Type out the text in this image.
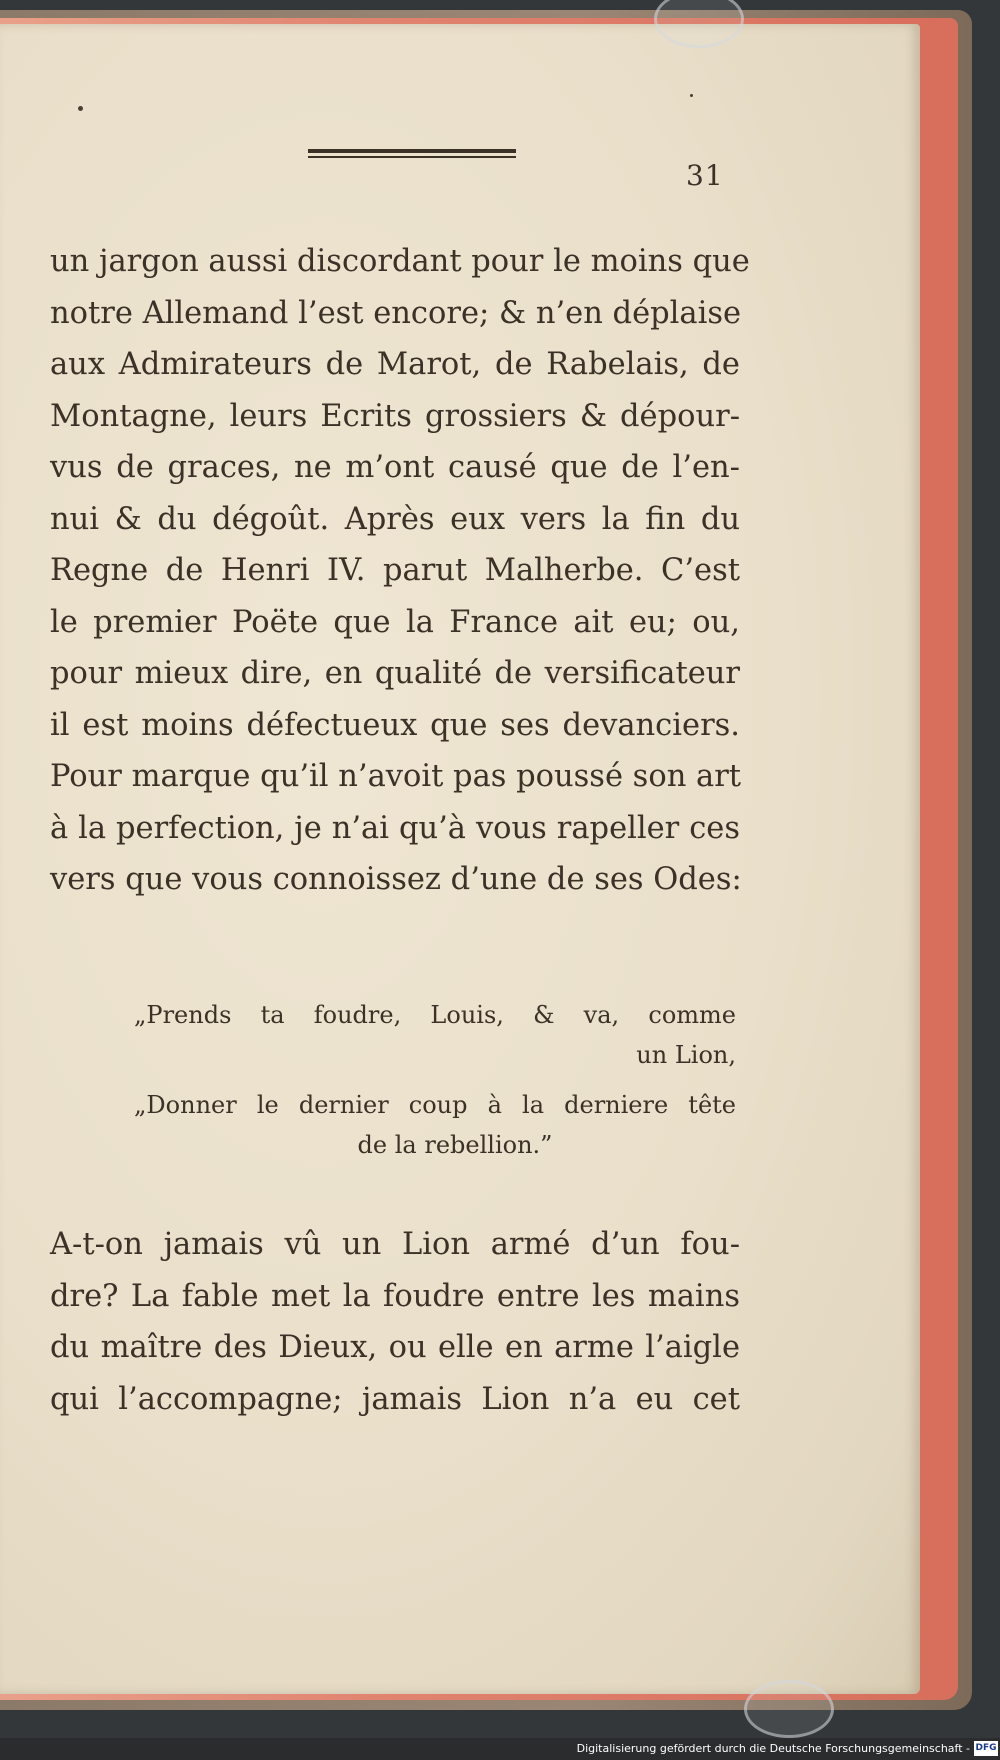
31
un jargon aussi discordant pour le moins que
notre Allemand l’est encore; & n’en déplaise
aux Admirateurs de Marot, de Rabelais, de
Montagne, leurs Ecrits grossiers & dépour-
vus de graces, ne m’ont causé que de l’en-
nui & du dégoût. Après eux vers la fin du
Regne de Henri IV. parut Malherbe. C’est
le premier Poëte que la France ait eu; ou,
pour mieux dire, en qualité de versificateur
il est moins défectueux que ses devanciers.
Pour marque qu’il n’avoit pas poussé son art
à la perfection, je n’ai qu’à vous rapeller ces
vers que vous connoissez d’une de ses Odes:
„Prends ta foudre, Louis, & va, comme
un Lion,
„Donner le dernier coup à la derniere tête
de la rebellion.”
A-t-on jamais vû un Lion armé d’un fou-
dre? La fable met la foudre entre les mains
du maître des Dieux, ou elle en arme l’aigle
qui l’accompagne; jamais Lion n’a eu cet
Digitalisierung gefördert durch die Deutsche Forschungsgemeinschaft - DFG
